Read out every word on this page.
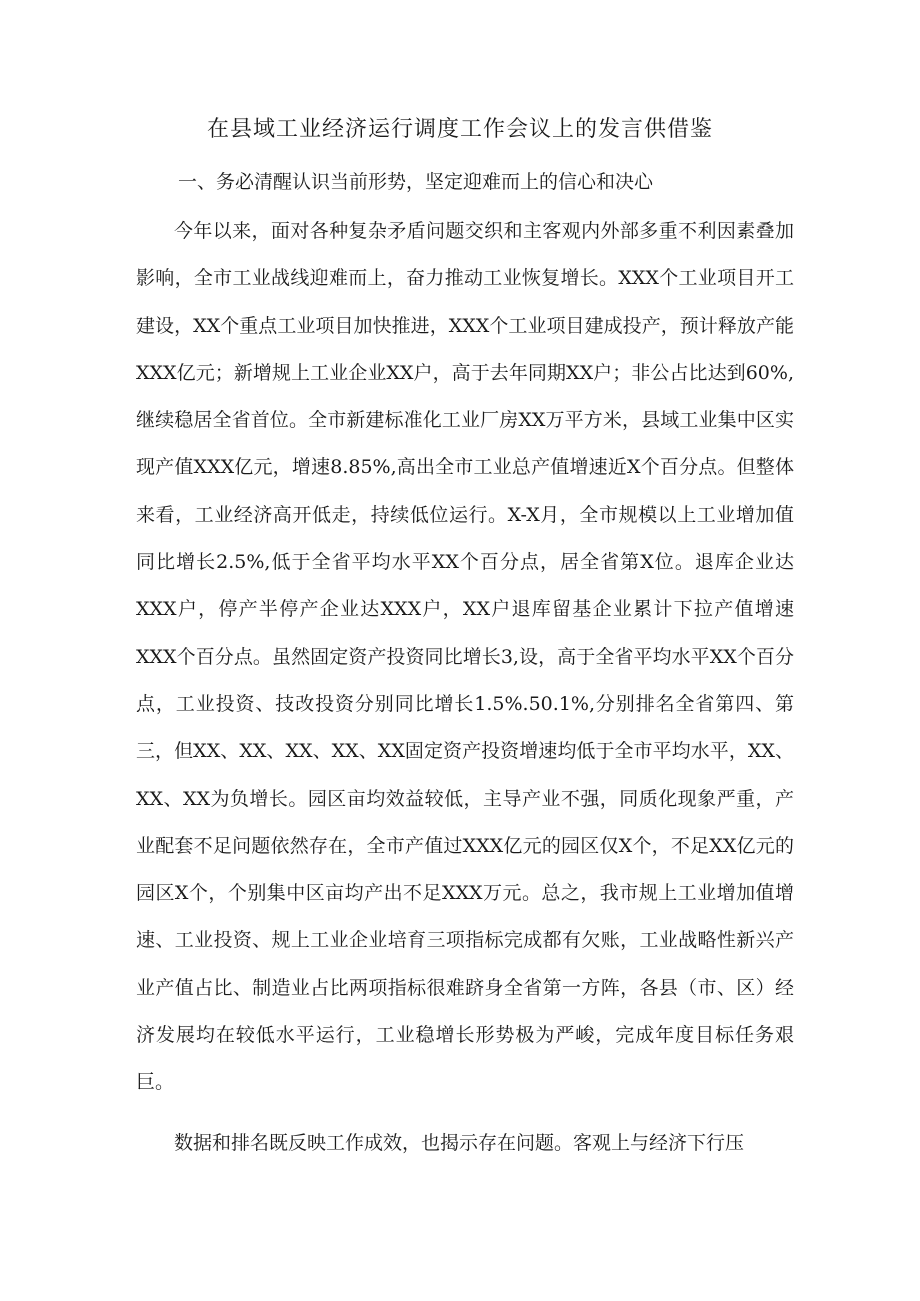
在县域工业经济运行调度工作会议上的发言供借鉴
一、务必清醒认识当前形势，坚定迎难而上的信心和决心

今年以来，面对各种复杂矛盾问题交织和主客观内外部多重不利因素叠加影响，全市工业战线迎难而上，奋力推动工业恢复增长。XXX个工业项目开工建设，XX个重点工业项目加快推进，XXX个工业项目建成投产，预计释放产能XXX亿元；新增规上工业企业XX户，高于去年同期XX户；非公占比达到60%,继续稳居全省首位。全市新建标准化工业厂房XX万平方米，县域工业集中区实现产值XXX亿元，增速8.85%,高出全市工业总产值增速近X个百分点。但整体来看，工业经济高开低走，持续低位运行。X-X月，全市规模以上工业增加值同比增长2.5%,低于全省平均水平XX个百分点，居全省第X位。退库企业达XXX户，停产半停产企业达XXX户，XX户退库留基企业累计下拉产值增速XXX个百分点。虽然固定资产投资同比增长3,设，高于全省平均水平XX个百分点，工业投资、技改投资分别同比增长1.5%.50.1%,分别排名全省第四、第三，但XX、XX、XX、XX、XX固定资产投资增速均低于全市平均水平，XX、XX、XX为负增长。园区亩均效益较低，主导产业不强，同质化现象严重，产业配套不足问题依然存在，全市产值过XXX亿元的园区仅X个，不足XX亿元的园区X个，个别集中区亩均产出不足XXX万元。总之，我市规上工业增加值增速、工业投资、规上工业企业培育三项指标完成都有欠账，工业战略性新兴产业产值占比、制造业占比两项指标很难跻身全省第一方阵，各县（市、区）经济发展均在较低水平运行，工业稳增长形势极为严峻，完成年度目标任务艰巨。

数据和排名既反映工作成效，也揭示存在问题。客观上与经济下行压
